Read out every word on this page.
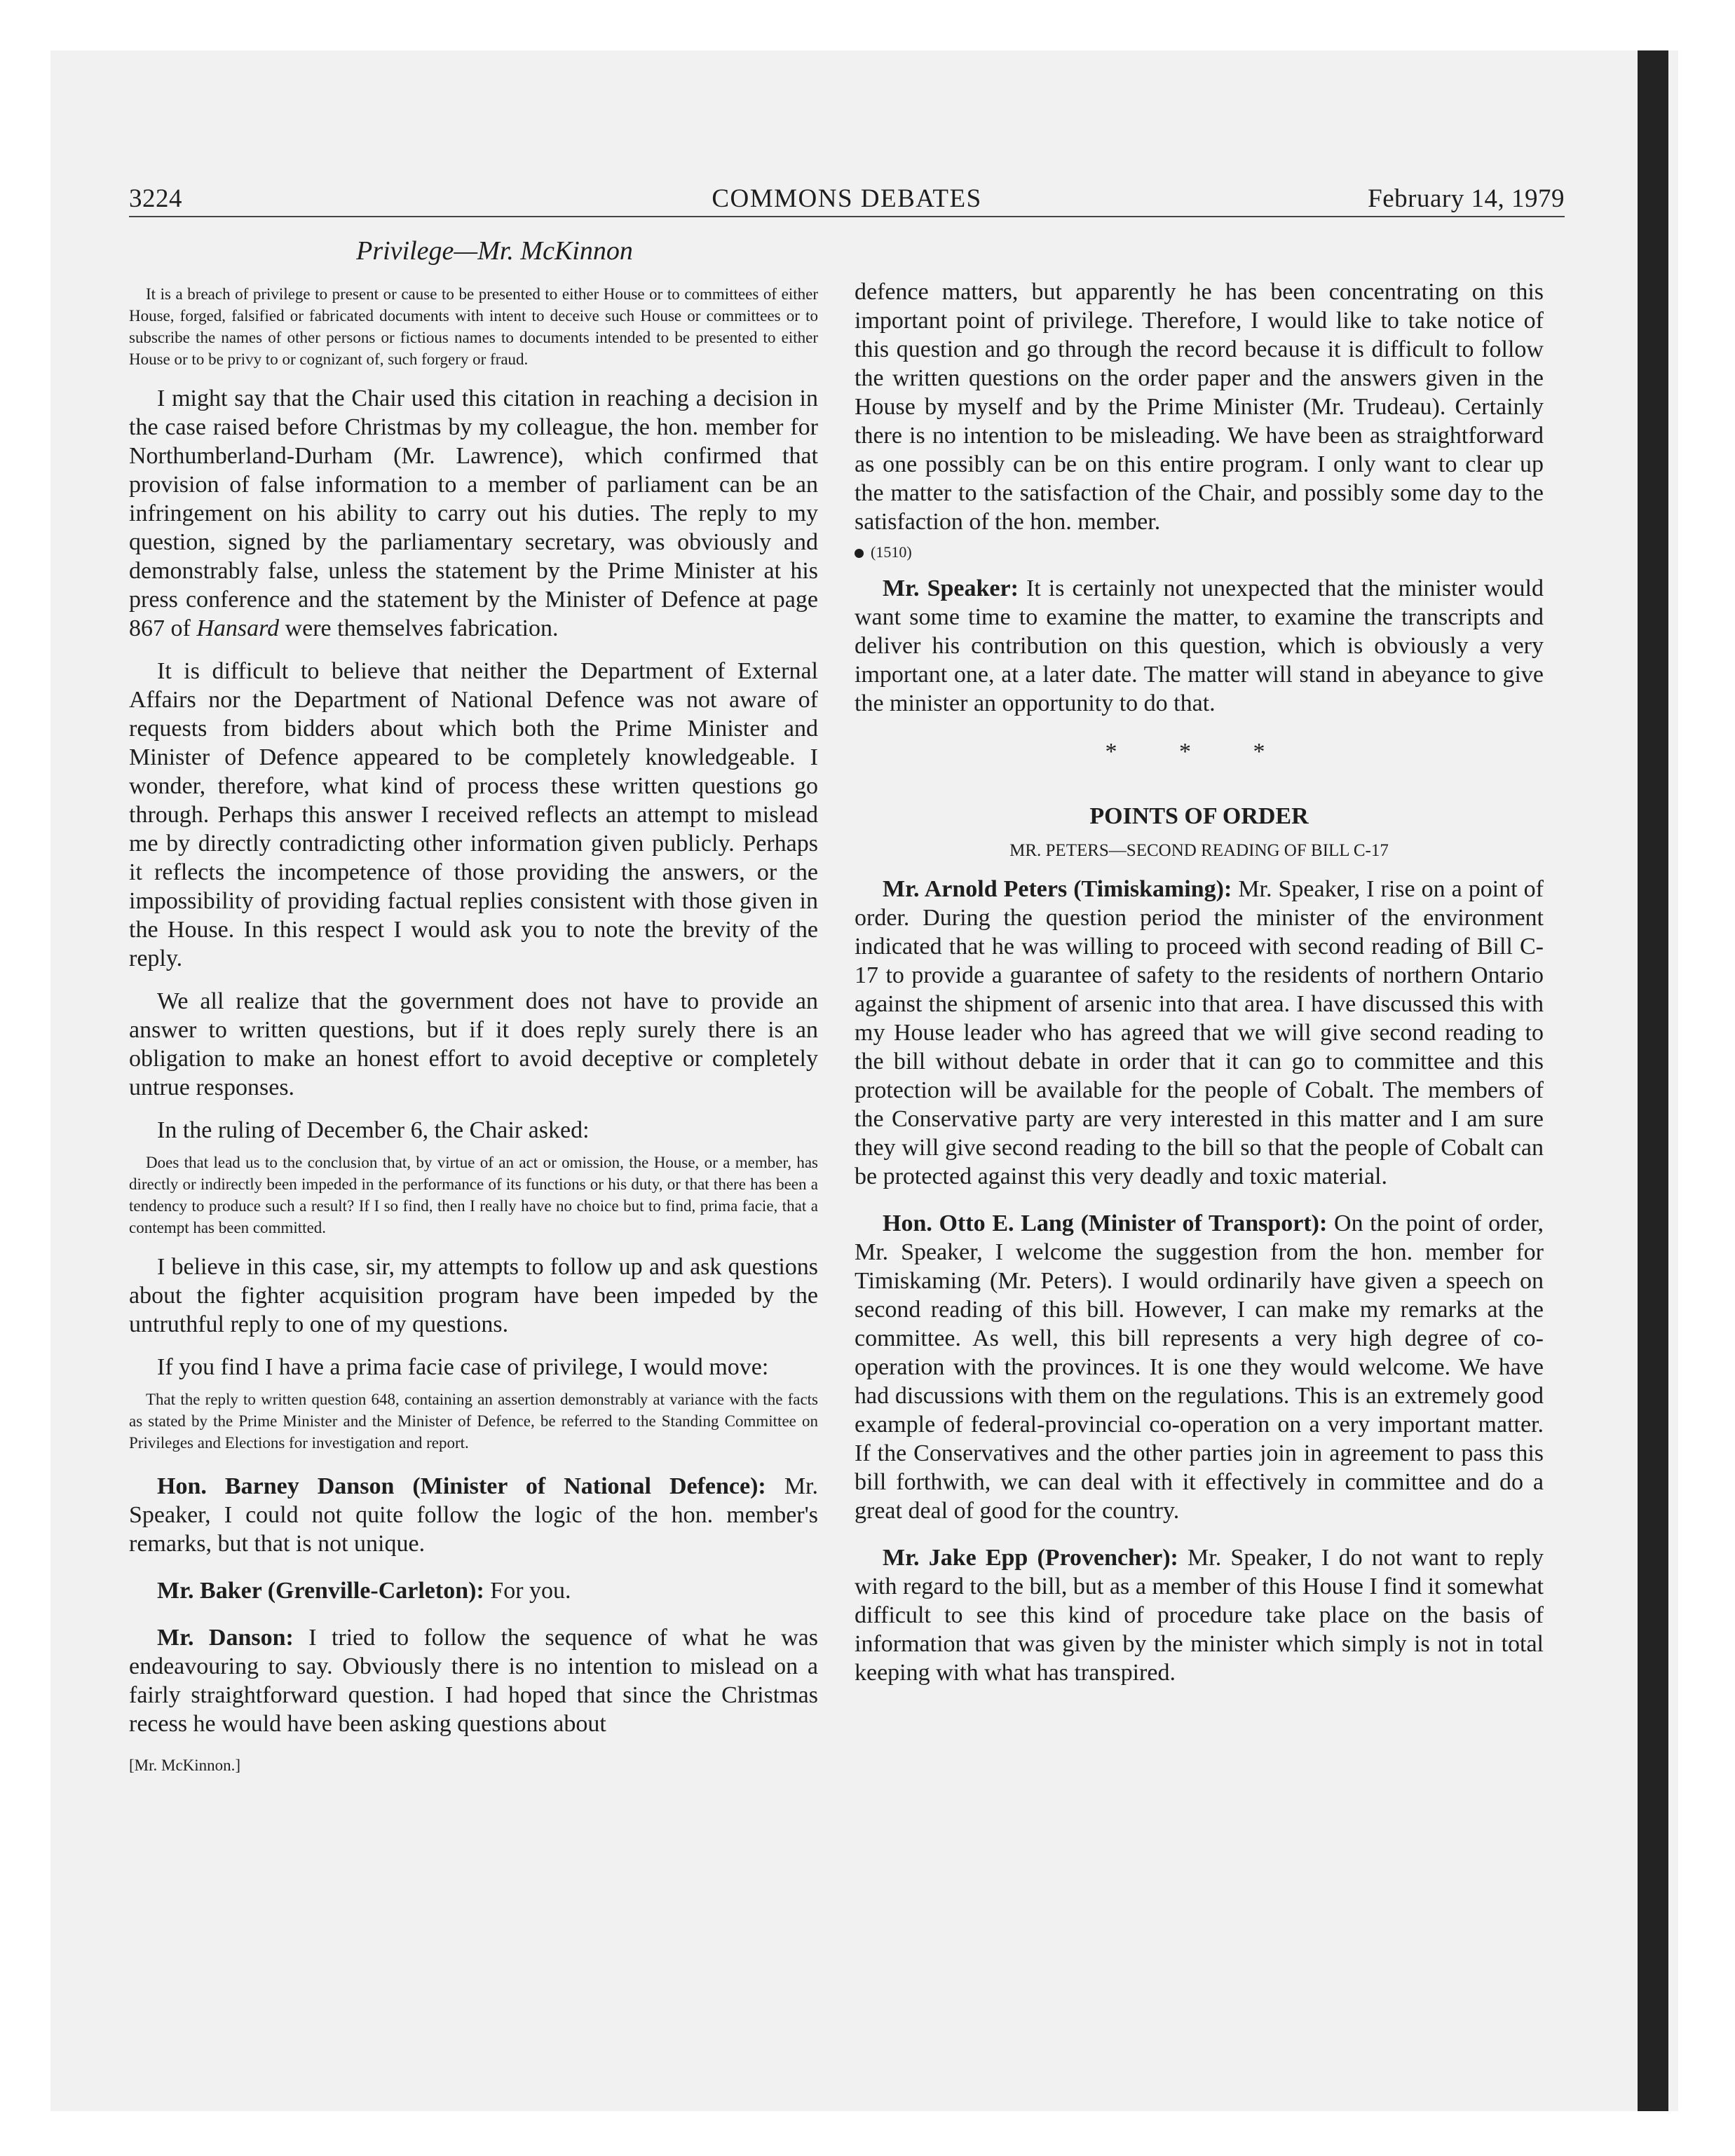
3224	COMMONS DEBATES	February 14, 1979
Privilege—Mr. McKinnon

It is a breach of privilege to present or cause to be presented to either House or to committees of either House, forged, falsified or fabricated documents with intent to deceive such House or committees or to subscribe the names of other persons or fictious names to documents intended to be presented to either House or to be privy to or cognizant of, such forgery or fraud.

I might say that the Chair used this citation in reaching a decision in the case raised before Christmas by my colleague, the hon. member for Northumberland-Durham (Mr. Lawrence), which confirmed that provision of false information to a member of parliament can be an infringement on his ability to carry out his duties. The reply to my question, signed by the parliamentary secretary, was obviously and demonstrably false, unless the statement by the Prime Minister at his press conference and the statement by the Minister of Defence at page 867 of Hansard were themselves fabrication.

It is difficult to believe that neither the Department of External Affairs nor the Department of National Defence was not aware of requests from bidders about which both the Prime Minister and Minister of Defence appeared to be completely knowledgeable. I wonder, therefore, what kind of process these written questions go through. Perhaps this answer I received reflects an attempt to mislead me by directly contradicting other information given publicly. Perhaps it reflects the incompetence of those providing the answers, or the impossibility of providing factual replies consistent with those given in the House. In this respect I would ask you to note the brevity of the reply.

We all realize that the government does not have to provide an answer to written questions, but if it does reply surely there is an obligation to make an honest effort to avoid deceptive or completely untrue responses.

In the ruling of December 6, the Chair asked:

Does that lead us to the conclusion that, by virtue of an act or omission, the House, or a member, has directly or indirectly been impeded in the performance of its functions or his duty, or that there has been a tendency to produce such a result? If I so find, then I really have no choice but to find, prima facie, that a contempt has been committed.

I believe in this case, sir, my attempts to follow up and ask questions about the fighter acquisition program have been impeded by the untruthful reply to one of my questions.

If you find I have a prima facie case of privilege, I would move:

That the reply to written question 648, containing an assertion demonstrably at variance with the facts as stated by the Prime Minister and the Minister of Defence, be referred to the Standing Committee on Privileges and Elections for investigation and report.

Hon. Barney Danson (Minister of National Defence): Mr. Speaker, I could not quite follow the logic of the hon. member's remarks, but that is not unique.

Mr. Baker (Grenville-Carleton): For you.

Mr. Danson: I tried to follow the sequence of what he was endeavouring to say. Obviously there is no intention to mislead on a fairly straightforward question. I had hoped that since the Christmas recess he would have been asking questions about

[Mr. McKinnon.]

defence matters, but apparently he has been concentrating on this important point of privilege. Therefore, I would like to take notice of this question and go through the record because it is difficult to follow the written questions on the order paper and the answers given in the House by myself and by the Prime Minister (Mr. Trudeau). Certainly there is no intention to be misleading. We have been as straightforward as one possibly can be on this entire program. I only want to clear up the matter to the satisfaction of the Chair, and possibly some day to the satisfaction of the hon. member.

(1510)

Mr. Speaker: It is certainly not unexpected that the minister would want some time to examine the matter, to examine the transcripts and deliver his contribution on this question, which is obviously a very important one, at a later date. The matter will stand in abeyance to give the minister an opportunity to do that.

* * *
POINTS OF ORDER
MR. PETERS—SECOND READING OF BILL C-17

Mr. Arnold Peters (Timiskaming): Mr. Speaker, I rise on a point of order. During the question period the minister of the environment indicated that he was willing to proceed with second reading of Bill C-17 to provide a guarantee of safety to the residents of northern Ontario against the shipment of arsenic into that area. I have discussed this with my House leader who has agreed that we will give second reading to the bill without debate in order that it can go to committee and this protection will be available for the people of Cobalt. The members of the Conservative party are very interested in this matter and I am sure they will give second reading to the bill so that the people of Cobalt can be protected against this very deadly and toxic material.

Hon. Otto E. Lang (Minister of Transport): On the point of order, Mr. Speaker, I welcome the suggestion from the hon. member for Timiskaming (Mr. Peters). I would ordinarily have given a speech on second reading of this bill. However, I can make my remarks at the committee. As well, this bill represents a very high degree of co-operation with the provinces. It is one they would welcome. We have had discussions with them on the regulations. This is an extremely good example of federal-provincial co-operation on a very important matter. If the Conservatives and the other parties join in agreement to pass this bill forthwith, we can deal with it effectively in committee and do a great deal of good for the country.

Mr. Jake Epp (Provencher): Mr. Speaker, I do not want to reply with regard to the bill, but as a member of this House I find it somewhat difficult to see this kind of procedure take place on the basis of information that was given by the minister which simply is not in total keeping with what has transpired.
